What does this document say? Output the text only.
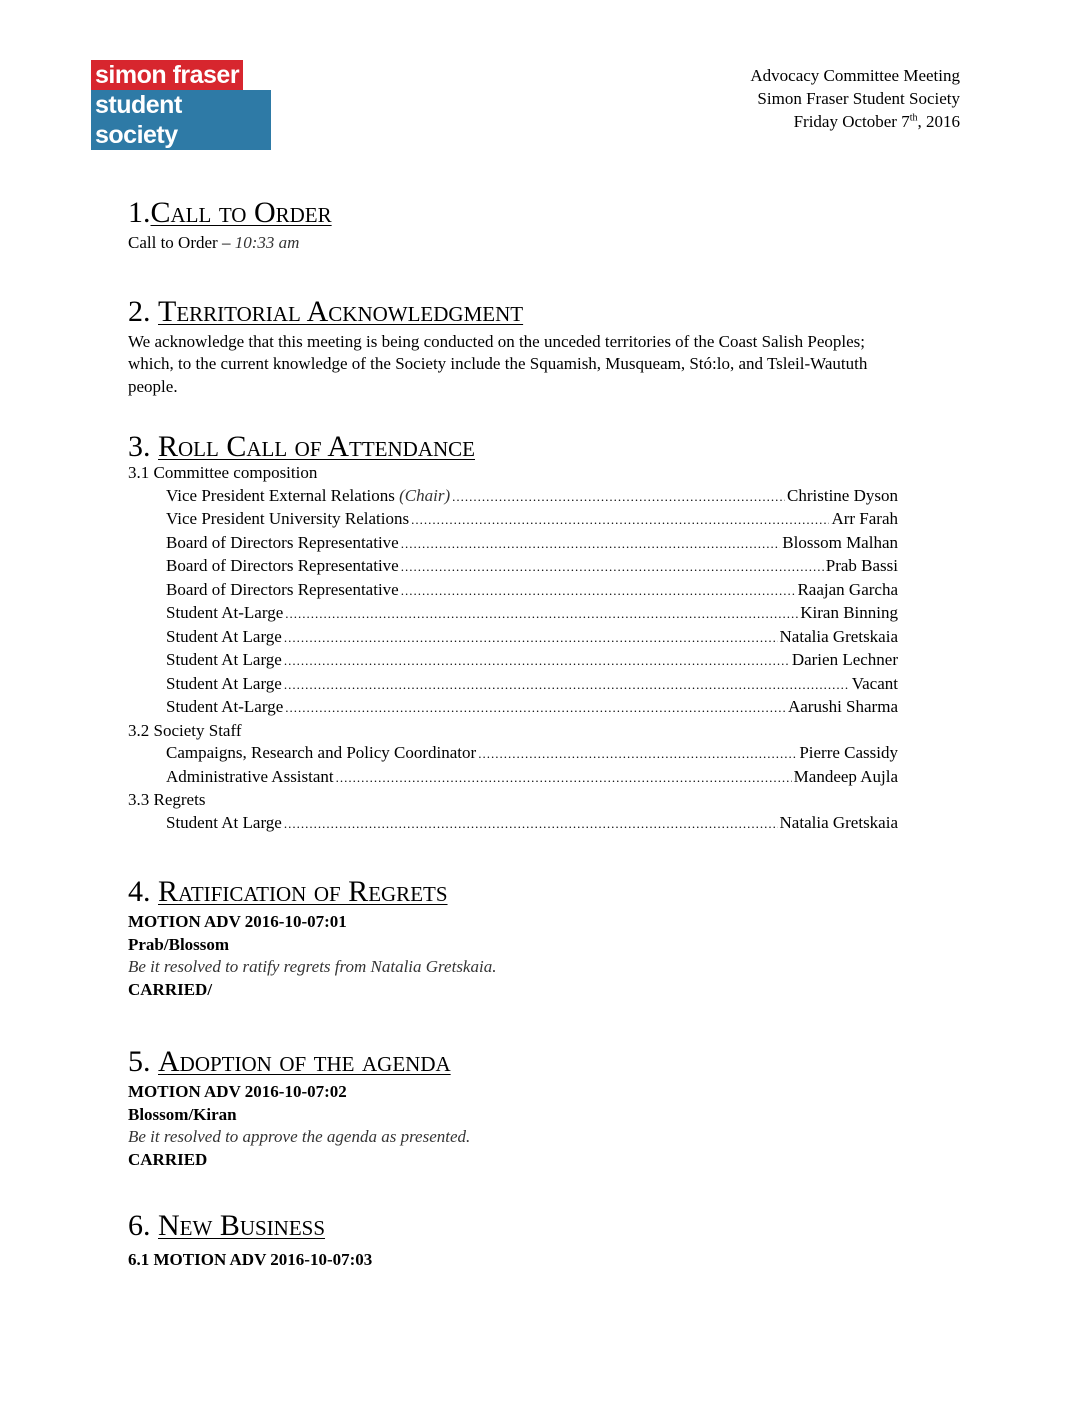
simon fraser
student society
Advocacy Committee Meeting
Simon Fraser Student Society
Friday October 7th, 2016
1.Call to Order

Call to Order – 10:33 am

2. Territorial Acknowledgment

We acknowledge that this meeting is being conducted on the unceded territories of the Coast Salish Peoples; which, to the current knowledge of the Society include the Squamish, Musqueam, Stó:lo, and Tsleil-Waututh people.

3. Roll Call of Attendance

3.1 Committee composition

Vice President External Relations (Chair) .....	Christine Dyson
Vice President University Relations .....	Arr Farah
Board of Directors Representative .....	Blossom Malhan
Board of Directors Representative .....	Prab Bassi
Board of Directors Representative .....	Raajan Garcha
Student At-Large .....	Kiran Binning
Student At Large .....	Natalia Gretskaia
Student At Large .....	Darien Lechner
Student At Large .....	Vacant
Student At-Large .....	Aarushi Sharma

3.2 Society Staff

Campaigns, Research and Policy Coordinator .....	Pierre Cassidy
Administrative Assistant .....	Mandeep Aujla

3.3 Regrets

Student At Large .....	Natalia Gretskaia
4. Ratification of Regrets

MOTION ADV 2016-10-07:01

Prab/Blossom

Be it resolved to ratify regrets from Natalia Gretskaia.

CARRIED/

5. Adoption of the agenda

MOTION ADV 2016-10-07:02

Blossom/Kiran

Be it resolved to approve the agenda as presented.

CARRIED

6. New Business

6.1 MOTION ADV 2016-10-07:03
